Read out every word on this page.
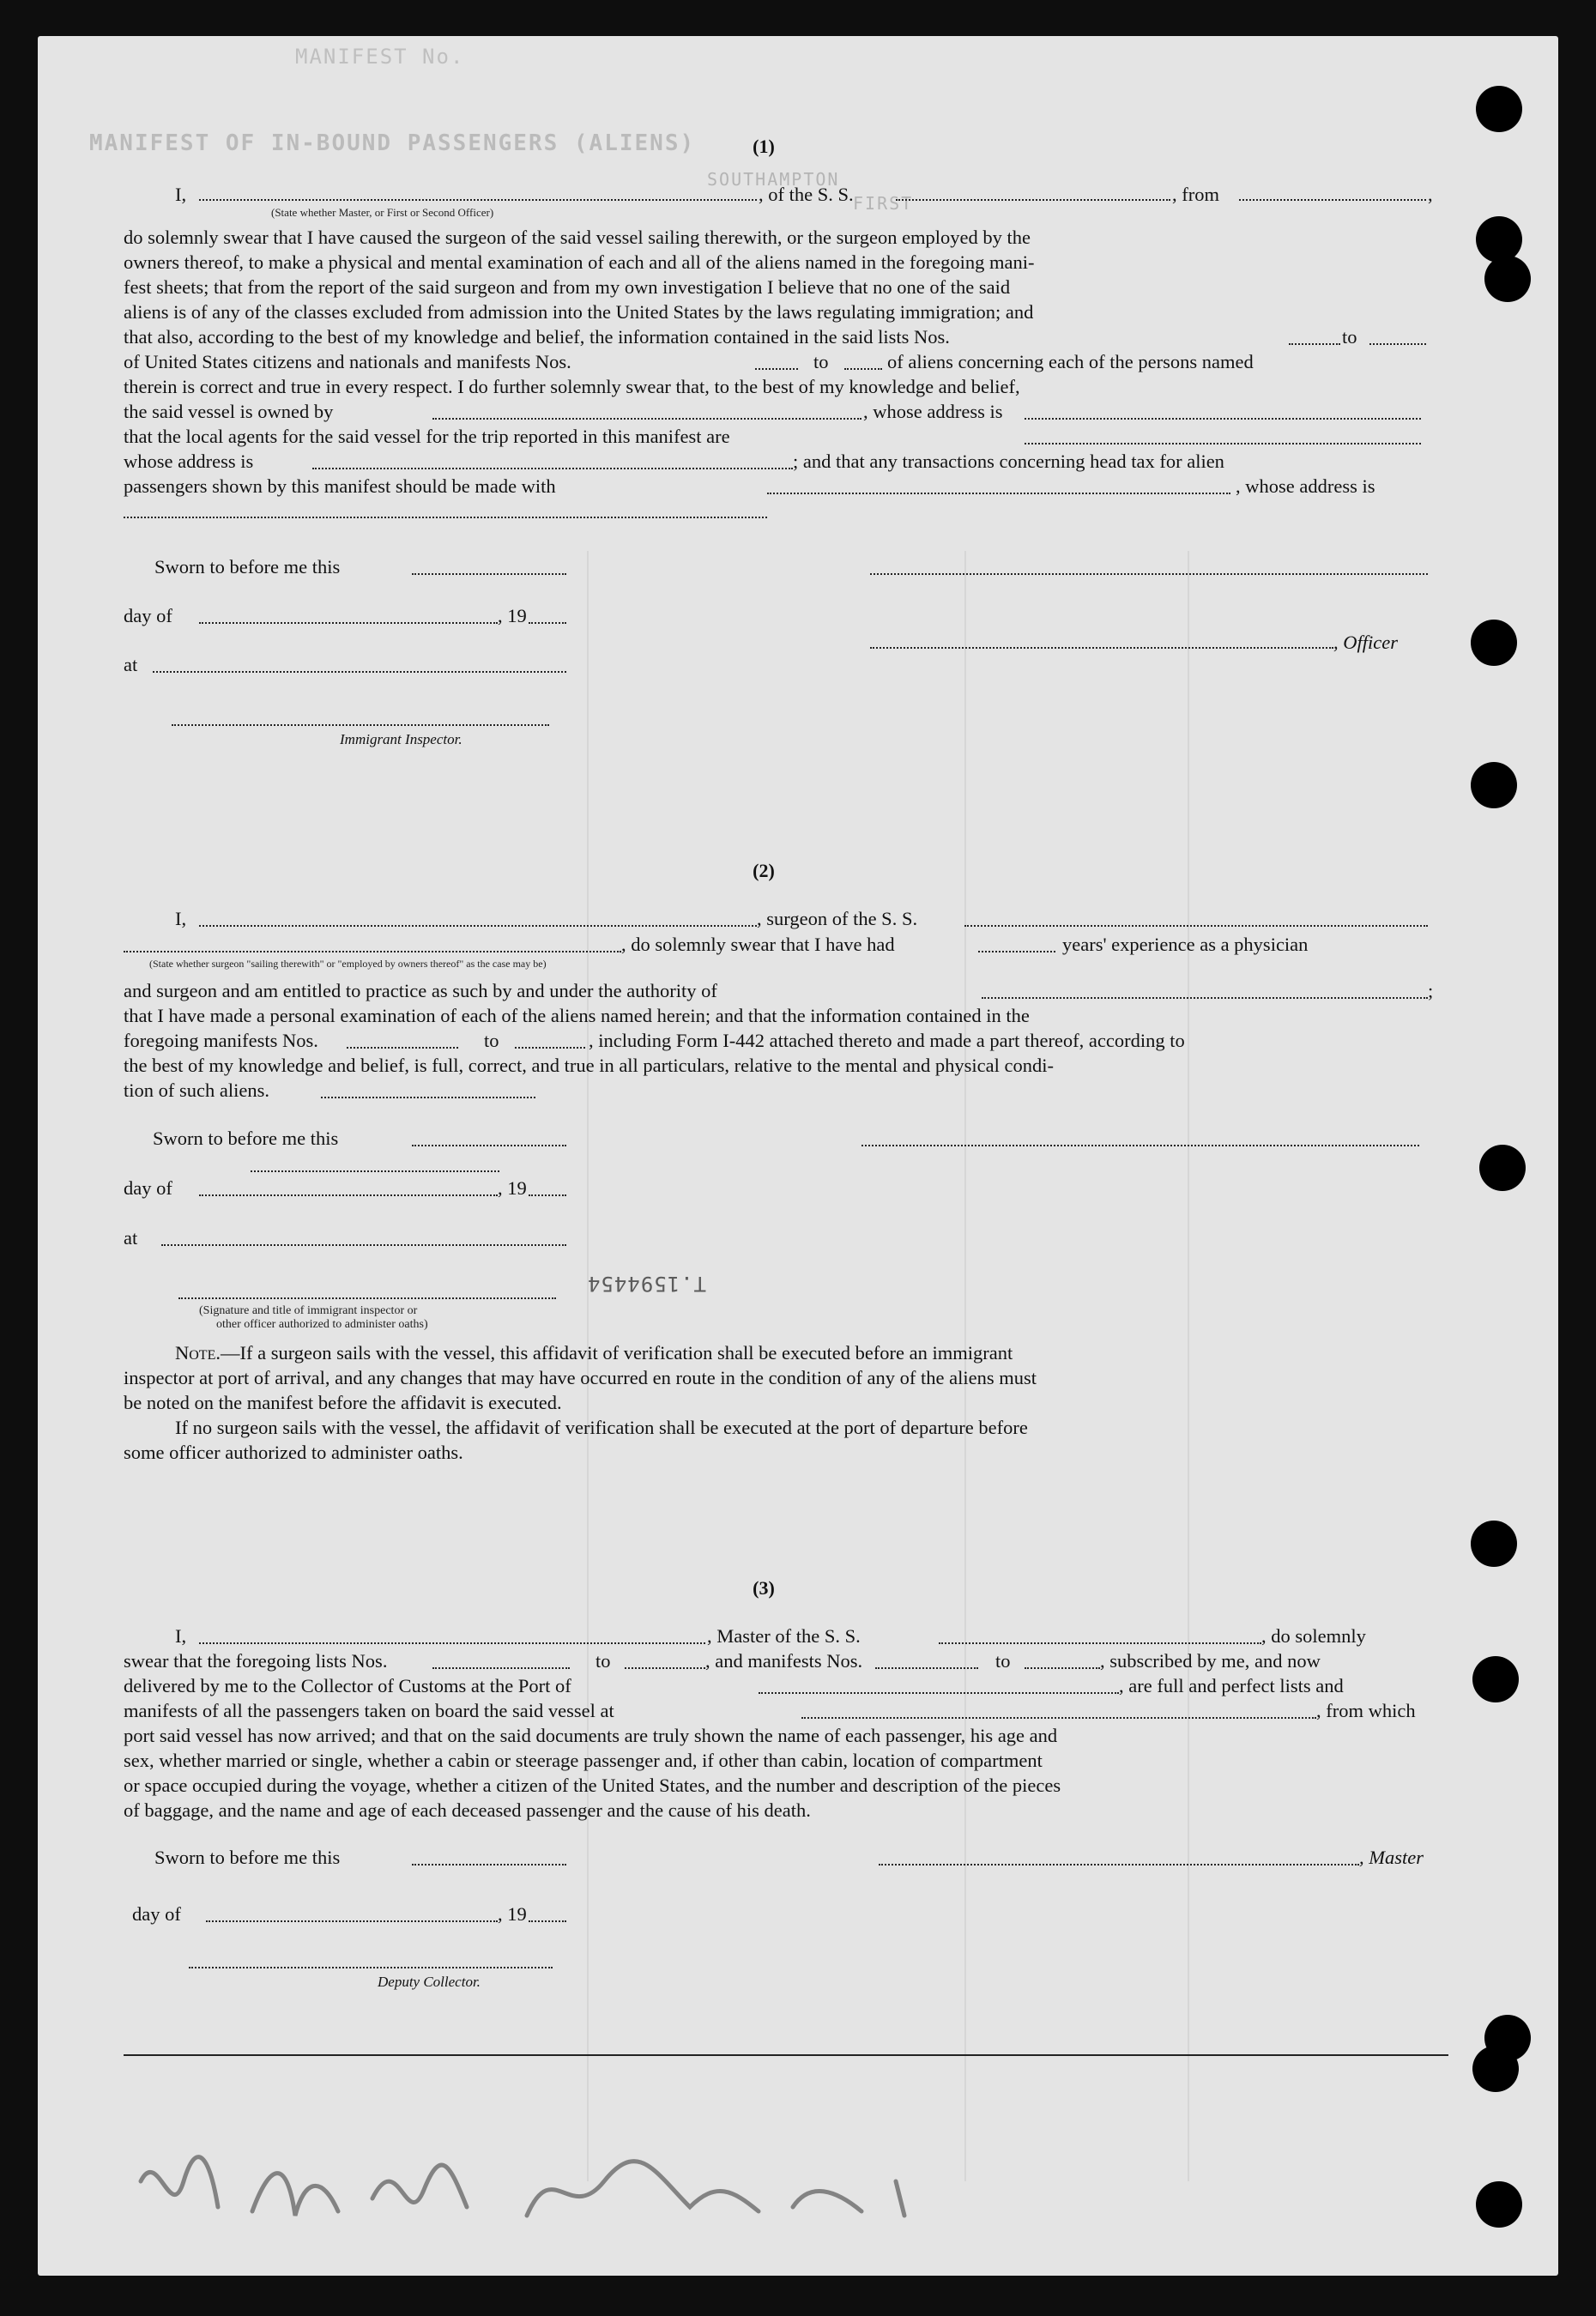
MANIFEST No.
MANIFEST OF IN-BOUND PASSENGERS (ALIENS)
SOUTHAMPTON
FIRST
(1)
I,	, of the S. S.	, from	,
(State whether Master, or First or Second Officer)
do solemnly swear that I have caused the surgeon of the said vessel sailing therewith, or the surgeon employed by the
owners thereof, to make a physical and mental examination of each and all of the aliens named in the foregoing mani-
fest sheets; that from the report of the said surgeon and from my own investigation I believe that no one of the said
aliens is of any of the classes excluded from admission into the United States by the laws regulating immigration; and
that also, according to the best of my knowledge and belief, the information contained in the said lists Nos.	to
of United States citizens and nationals and manifests Nos.	to	of aliens concerning each of the persons named
therein is correct and true in every respect. I do further solemnly swear that, to the best of my knowledge and belief,
the said vessel is owned by	, whose address is
that the local agents for the said vessel for the trip reported in this manifest are
whose address is	; and that any transactions concerning head tax for alien
passengers shown by this manifest should be made with	, whose address is
Sworn to before me this
day of	, 19
, Officer
at
Immigrant Inspector.
(2)
I,	, surgeon of the S. S.
, do solemnly swear that I have had	years' experience as a physician
(State whether surgeon "sailing therewith" or "employed by owners thereof" as the case may be)
and surgeon and am entitled to practice as such by and under the authority of	;
that I have made a personal examination of each of the aliens named herein; and that the information contained in the
foregoing manifests Nos.	to	, including Form I-442 attached thereto and made a part thereof, according to
the best of my knowledge and belief, is full, correct, and true in all particulars, relative to the mental and physical condi-
tion of such aliens.
Sworn to before me this
day of	, 19
at
T.1594454
(Signature and title of immigrant inspector or
other officer authorized to administer oaths)
Note.—If a surgeon sails with the vessel, this affidavit of verification shall be executed before an immigrant
inspector at port of arrival, and any changes that may have occurred en route in the condition of any of the aliens must
be noted on the manifest before the affidavit is executed.
If no surgeon sails with the vessel, the affidavit of verification shall be executed at the port of departure before
some officer authorized to administer oaths.
(3)
I,	, Master of the S. S.	, do solemnly
swear that the foregoing lists Nos.	to	, and manifests Nos.	to	, subscribed by me, and now
delivered by me to the Collector of Customs at the Port of	, are full and perfect lists and
manifests of all the passengers taken on board the said vessel at	, from which
port said vessel has now arrived; and that on the said documents are truly shown the name of each passenger, his age and
sex, whether married or single, whether a cabin or steerage passenger and, if other than cabin, location of compartment
or space occupied during the voyage, whether a citizen of the United States, and the number and description of the pieces
of baggage, and the name and age of each deceased passenger and the cause of his death.
Sworn to before me this	, Master
day of	, 19
Deputy Collector.
